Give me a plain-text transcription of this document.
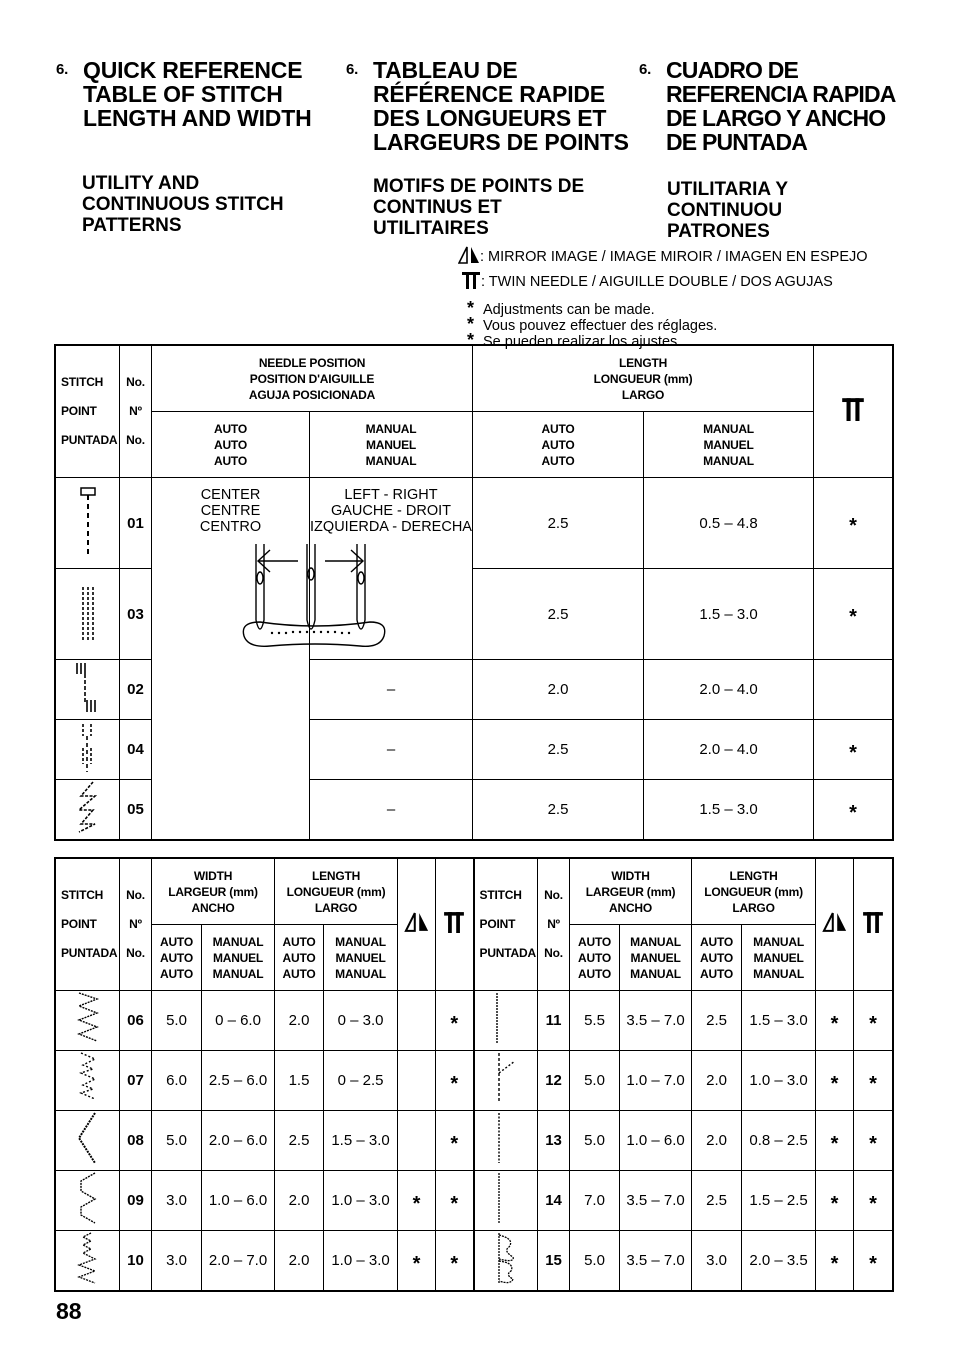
6. QUICK REFERENCE
TABLE OF STITCH
LENGTH AND WIDTH
6. TABLEAU DE
RÉFÉRENCE RAPIDE
DES LONGUEURS ET
LARGEURS DE POINTS
6. CUADRO DE
REFERENCIA RAPIDA
DE LARGO Y ANCHO
DE PUNTADA
UTILITY AND
CONTINUOUS STITCH
PATTERNS
MOTIFS DE POINTS DE
CONTINUS ET
UTILITAIRES
UTILITARIA Y
CONTINUOU
PATRONES
: MIRROR IMAGE / IMAGE MIROIR / IMAGEN EN ESPEJO
: TWIN NEEDLE / AIGUILLE DOUBLE / DOS AGUJAS
* Adjustments can be made.
* Vous pouvez effectuer des réglages.
* Se pueden realizar los ajustes.
STITCH
POINT
PUNTADA	No.
Nº
No.	NEEDLE POSITION
POSITION D'AIGUILLE
AGUJA POSICIONADA		LENGTH
LONGUEUR (mm)
LARGO	
		AUTO
AUTO
AUTO	MANUAL
MANUEL
MANUAL	AUTO
AUTO
AUTO	MANUAL
MANUEL
MANUAL	
	01	CENTER
CENTRE
CENTRO	LEFT - RIGHT
GAUCHE - DROIT
IZQUIERDA - DERECHA	2.5	0.5 – 4.8	*
	03			2.5	1.5 – 3.0	*
	02		–	2.0	2.0 – 4.0	
	04		–	2.5	2.0 – 4.0	*
	05		–	2.5	1.5 – 3.0	*
STITCH
POINT
PUNTADA	No.
Nº
No.	WIDTH
LARGEUR (mm)
ANCHO		LENGTH
LONGUEUR (mm)
LARGO				STITCH
POINT
PUNTADA	No.
Nº
No.	WIDTH
LARGEUR (mm)
ANCHO		LENGTH
LONGUEUR (mm)
LARGO		
		AUTO
AUTO
AUTO	MANUAL
MANUEL
MANUAL	AUTO
AUTO
AUTO	MANUAL
MANUEL
MANUAL					AUTO
AUTO
AUTO	MANUAL
MANUEL
MANUAL	AUTO
AUTO
AUTO	MANUAL
MANUEL
MANUAL		
	06	5.0	0 – 6.0	2.0	0 – 3.0		*		11	5.5	3.5 – 7.0	2.5	1.5 – 3.0	*	*
	07	6.0	2.5 – 6.0	1.5	0 – 2.5		*		12	5.0	1.0 – 7.0	2.0	1.0 – 3.0	*	*
	08	5.0	2.0 – 6.0	2.5	1.5 – 3.0		*		13	5.0	1.0 – 6.0	2.0	0.8 – 2.5	*	*
	09	3.0	1.0 – 6.0	2.0	1.0 – 3.0	*	*		14	7.0	3.5 – 7.0	2.5	1.5 – 2.5	*	*
	10	3.0	2.0 – 7.0	2.0	1.0 – 3.0	*	*		15	5.0	3.5 – 7.0	3.0	2.0 – 3.5	*	*
88
